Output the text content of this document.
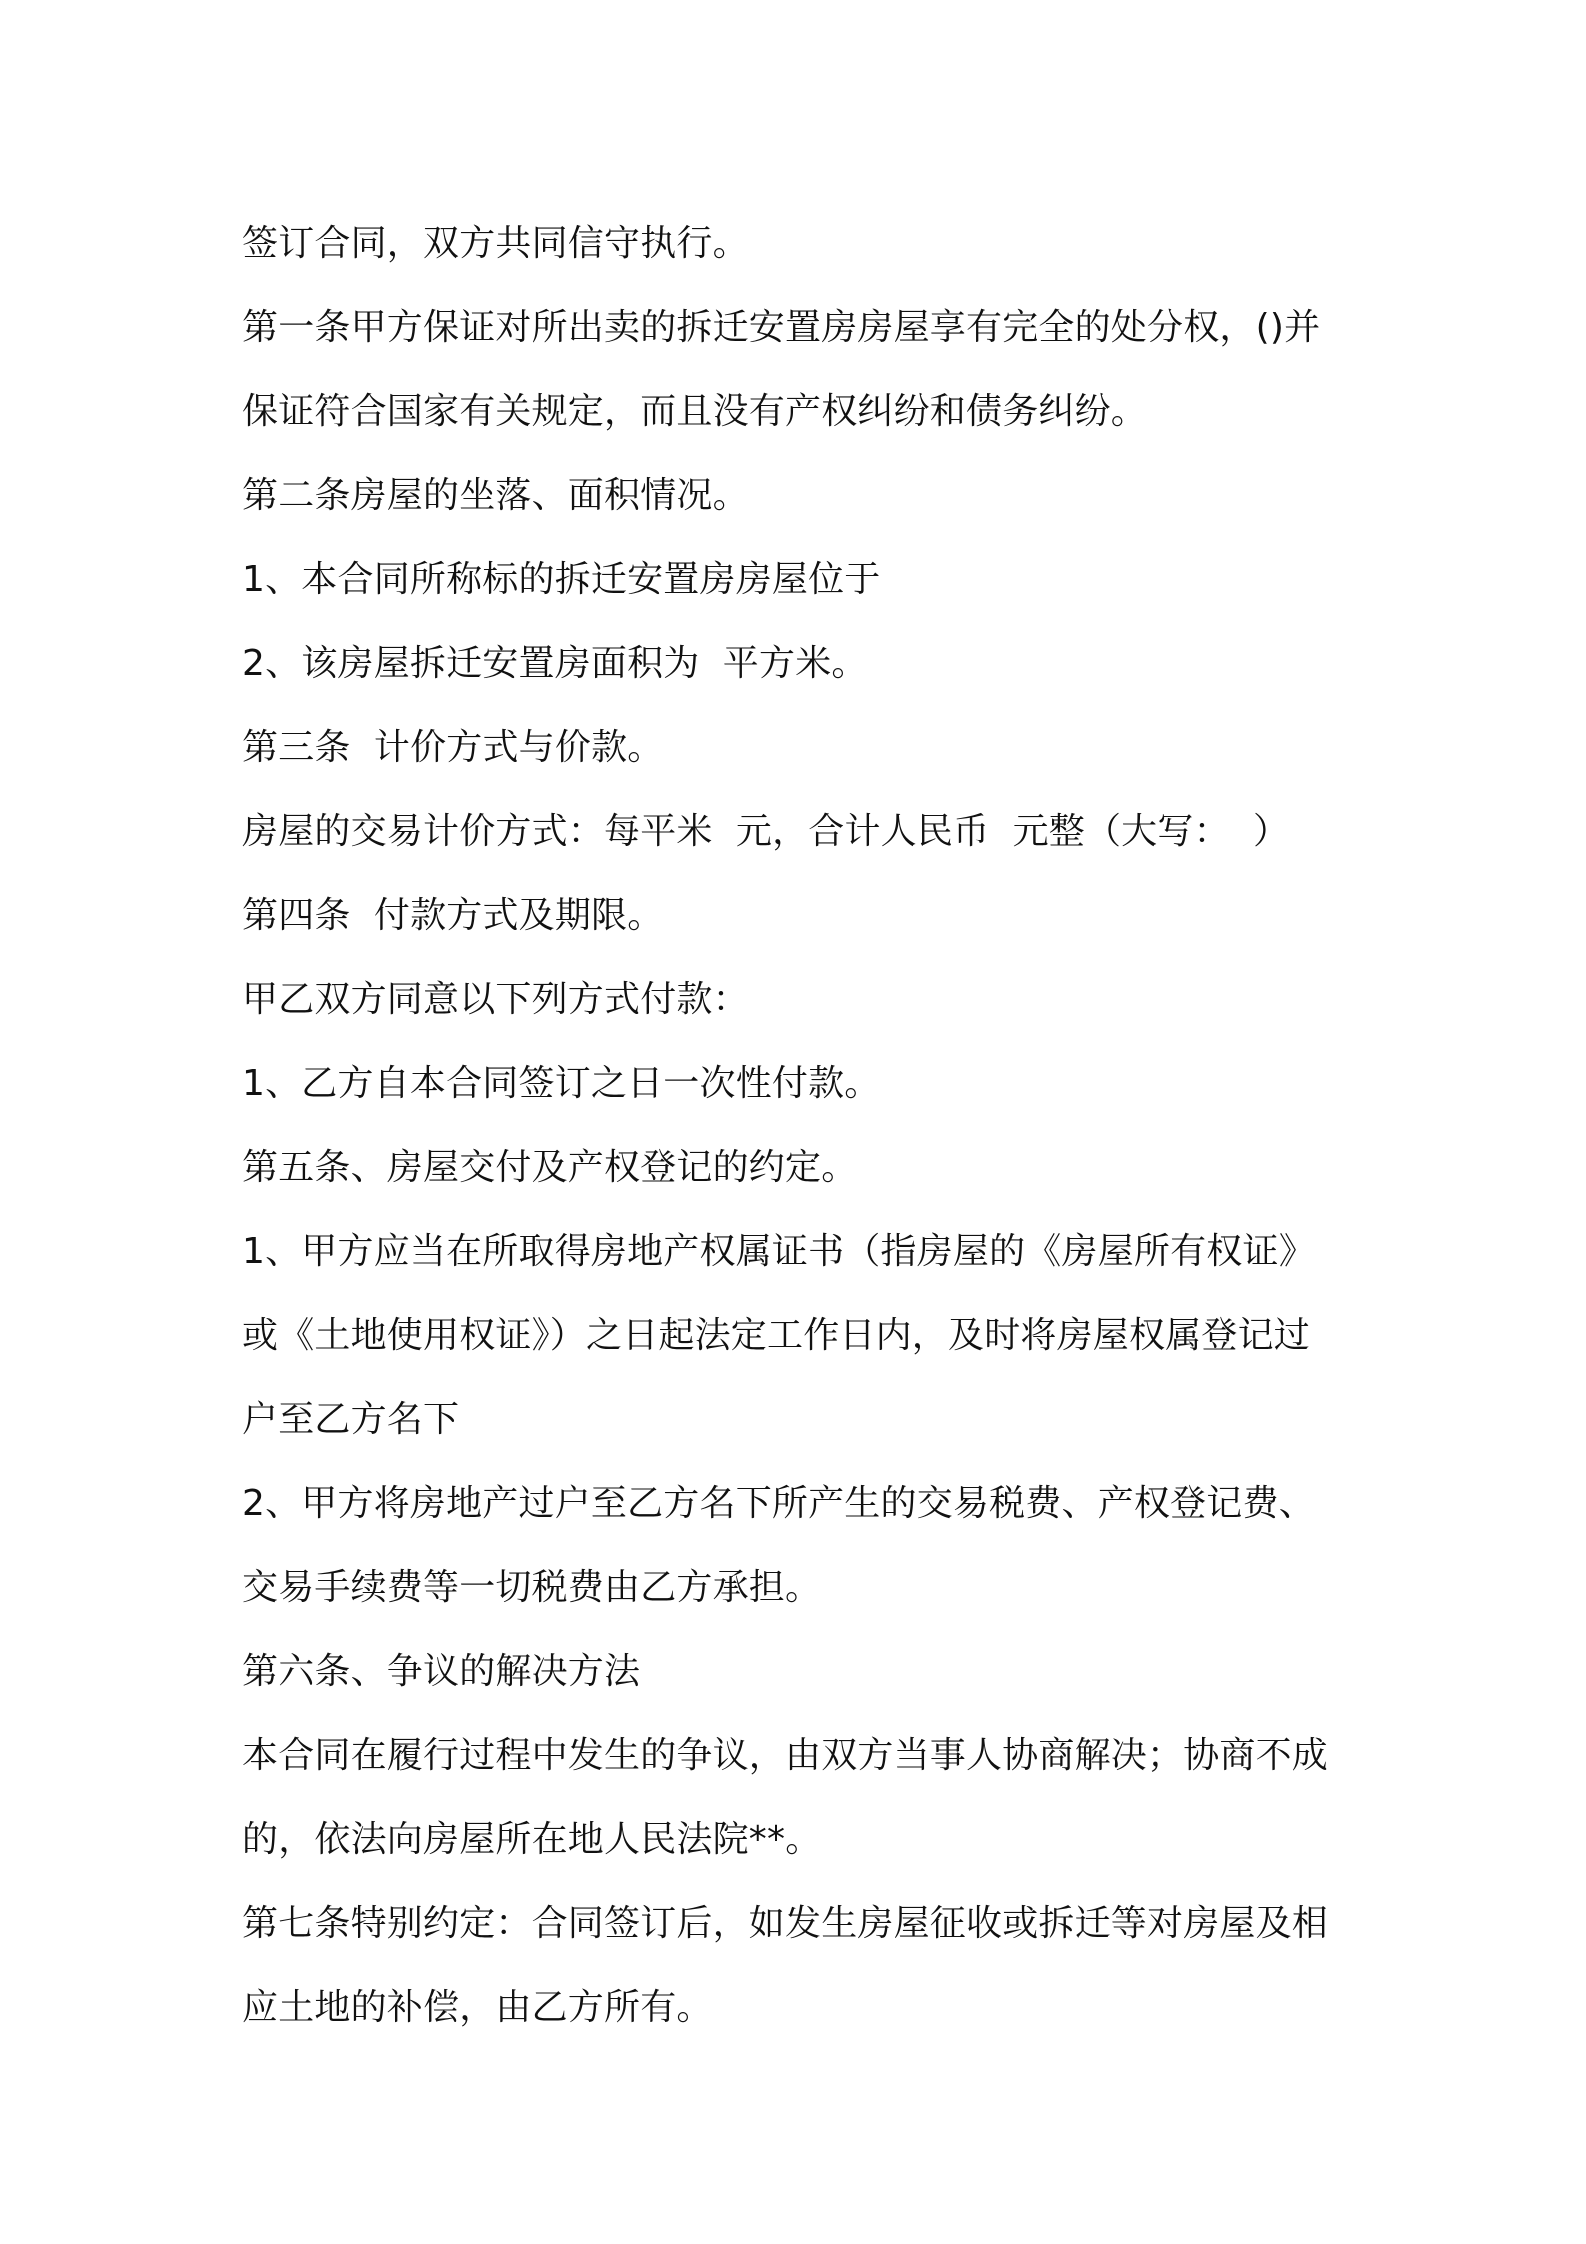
签订合同，双方共同信守执行。
第一条甲方保证对所出卖的拆迁安置房房屋享有完全的处分权，()并
保证符合国家有关规定，而且没有产权纠纷和债务纠纷。
第二条房屋的坐落、面积情况。
1、本合同所称标的拆迁安置房房屋位于
2、该房屋拆迁安置房面积为  平方米。
第三条  计价方式与价款。
房屋的交易计价方式：每平米  元，合计人民币  元整（大写：  ）
第四条  付款方式及期限。
甲乙双方同意以下列方式付款：
1、乙方自本合同签订之日一次性付款。
第五条、房屋交付及产权登记的约定。
1、甲方应当在所取得房地产权属证书（指房屋的《房屋所有权证》
或《土地使用权证》）之日起法定工作日内，及时将房屋权属登记过
户至乙方名下
2、甲方将房地产过户至乙方名下所产生的交易税费、产权登记费、
交易手续费等一切税费由乙方承担。
第六条、争议的解决方法
本合同在履行过程中发生的争议，由双方当事人协商解决；协商不成
的，依法向房屋所在地人民法院**。
第七条特别约定：合同签订后，如发生房屋征收或拆迁等对房屋及相
应土地的补偿，由乙方所有。
